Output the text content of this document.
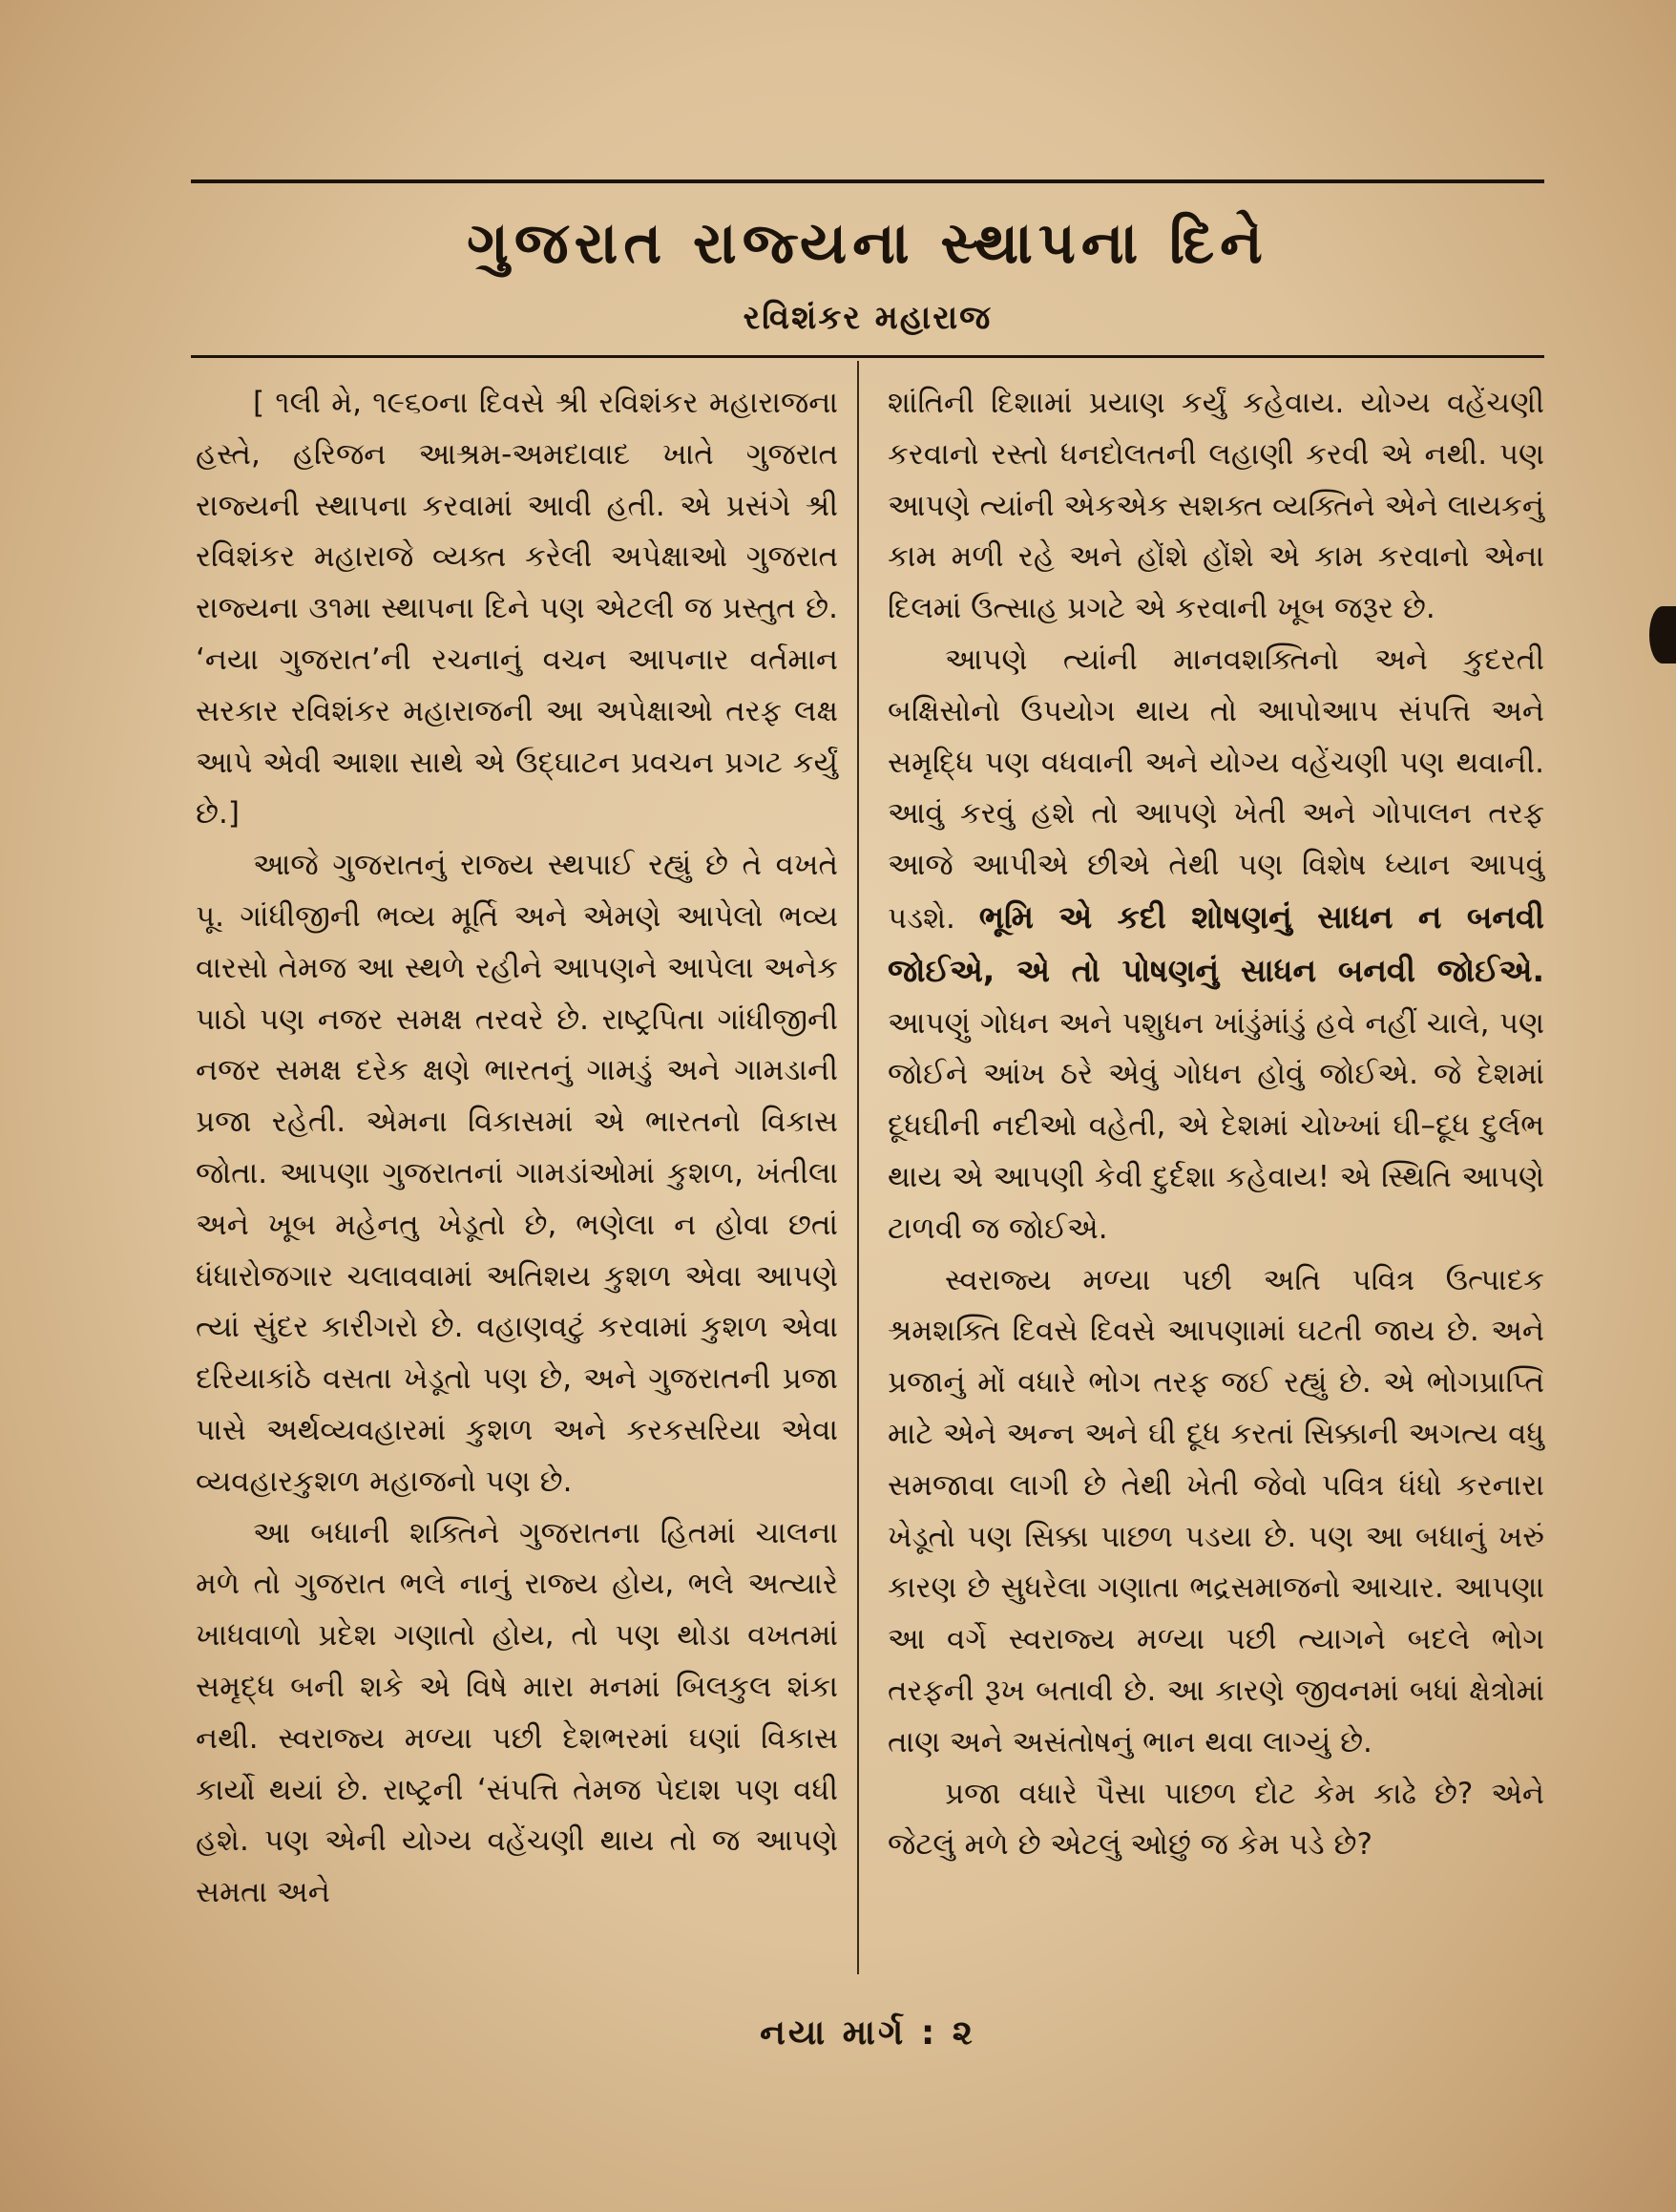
ગુજરાત રાજ્યના સ્થાપના દિને
રવિશંકર મહારાજ

[ ૧લી મે, ૧૯૬૦ના દિવસે શ્રી રવિશંકર મહારાજના હસ્તે, હરિજન આશ્રમ-અમદાવાદ ખાતે ગુજરાત રાજ્યની સ્થાપના કરવામાં આવી હતી. એ પ્રસંગે શ્રી રવિશંકર મહારાજે વ્યક્ત કરેલી અપેક્ષાઓ ગુજરાત રાજ્યના ૩૧મા સ્થાપના દિને પણ એટલી જ પ્રસ્તુત છે. ‘નયા ગુજરાત’ની રચનાનું વચન આપનાર વર્તમાન સરકાર રવિશંકર મહારાજની આ અપેક્ષાઓ તરફ લક્ષ આપે એવી આશા સાથે એ ઉદ્ઘાટન પ્રવચન પ્રગટ કર્યું છે.]

આજે ગુજરાતનું રાજ્ય સ્થપાઈ રહ્યું છે તે વખતે પૂ. ગાંધીજીની ભવ્ય મૂર્તિ અને એમણે આપેલો ભવ્ય વારસો તેમજ આ સ્થળે રહીને આપણને આપેલા અનેક પાઠો પણ નજર સમક્ષ તરવરે છે. રાષ્ટ્રપિતા ગાંધીજીની નજર સમક્ષ દરેક ક્ષણે ભારતનું ગામડું અને ગામડાની પ્રજા રહેતી. એમના વિકાસમાં એ ભારતનો વિકાસ જોતા. આપણા ગુજરાતનાં ગામડાંઓમાં કુશળ, ખંતીલા અને ખૂબ મહેનતુ ખેડૂતો છે, ભણેલા ન હોવા છતાં ધંધારોજગાર ચલાવવામાં અતિશય કુશળ એવા આપણે ત્યાં સુંદર કારીગરો છે. વહાણવટું કરવામાં કુશળ એવા દરિયાકાંઠે વસતા ખેડૂતો પણ છે, અને ગુજરાતની પ્રજા પાસે અર્થવ્યવહારમાં કુશળ અને કરકસરિયા એવા વ્યવહારકુશળ મહાજનો પણ છે.

આ બધાની શક્તિને ગુજરાતના હિતમાં ચાલના મળે તો ગુજરાત ભલે નાનું રાજ્ય હોય, ભલે અત્યારે ખાધવાળો પ્રદેશ ગણાતો હોય, તો પણ થોડા વખતમાં સમૃદ્ધ બની શકે એ વિષે મારા મનમાં બિલકુલ શંકા નથી. સ્વરાજ્ય મળ્યા પછી દેશભરમાં ઘણાં વિકાસ કાર્યો થયાં છે. રાષ્ટ્રની ‘સંપત્તિ તેમજ પેદાશ પણ વધી હશે. પણ એની યોગ્ય વહેંચણી થાય તો જ આપણે સમતા અને

શાંતિની દિશામાં પ્રયાણ કર્યું કહેવાય. યોગ્ય વહેંચણી કરવાનો રસ્તો ધનદોલતની લહાણી કરવી એ નથી. પણ આપણે ત્યાંની એકએક સશક્ત વ્યક્તિને એને લાયકનું કામ મળી રહે અને હોંશે હોંશે એ કામ કરવાનો એના દિલમાં ઉત્સાહ પ્રગટે એ કરવાની ખૂબ જરૂર છે.

આપણે ત્યાંની માનવશક્તિનો અને કુદરતી બક્ષિસોનો ઉપયોગ થાય તો આપોઆપ સંપત્તિ અને સમૃદ્ધિ પણ વધવાની અને યોગ્ય વહેંચણી પણ થવાની. આવું કરવું હશે તો આપણે ખેતી અને ગોપાલન તરફ આજે આપીએ છીએ તેથી પણ વિશેષ ધ્યાન આપવું પડશે. ભૂમિ એ કદી શોષણનું સાધન ન બનવી જોઈએ, એ તો પોષણનું સાધન બનવી જોઈએ. આપણું ગોધન અને પશુધન ખાંડુંમાંડું હવે નહીં ચાલે, પણ જોઈને આંખ ઠરે એવું ગોધન હોવું જોઈએ. જે દેશમાં દૂધઘીની નદીઓ વહેતી, એ દેશમાં ચોખ્ખાં ઘી–દૂધ દુર્લભ થાય એ આપણી કેવી દુર્દશા કહેવાય! એ સ્થિતિ આપણે ટાળવી જ જોઈએ.

સ્વરાજ્ય મળ્યા પછી અતિ પવિત્ર ઉત્પાદક શ્રમશક્તિ દિવસે દિવસે આપણામાં ઘટતી જાય છે. અને પ્રજાનું મોં વધારે ભોગ તરફ જઈ રહ્યું છે. એ ભોગપ્રાપ્તિ માટે એને અન્ન અને ઘી દૂધ કરતાં સિક્કાની અગત્ય વધુ સમજાવા લાગી છે તેથી ખેતી જેવો પવિત્ર ધંધો કરનારા ખેડૂતો પણ સિક્કા પાછળ પડયા છે. પણ આ બધાનું ખરું કારણ છે સુધરેલા ગણાતા ભદ્રસમાજનો આચાર. આપણા આ વર્ગે સ્વરાજ્ય મળ્યા પછી ત્યાગને બદલે ભોગ તરફની રૂખ બતાવી છે. આ કારણે જીવનમાં બધાં ક્ષેત્રોમાં તાણ અને અસંતોષનું ભાન થવા લાગ્યું છે.

પ્રજા વધારે પૈસા પાછળ દોટ કેમ કાઢે છે? એને જેટલું મળે છે એટલું ઓછું જ કેમ પડે છે?

નયા માર્ગ : ૨
